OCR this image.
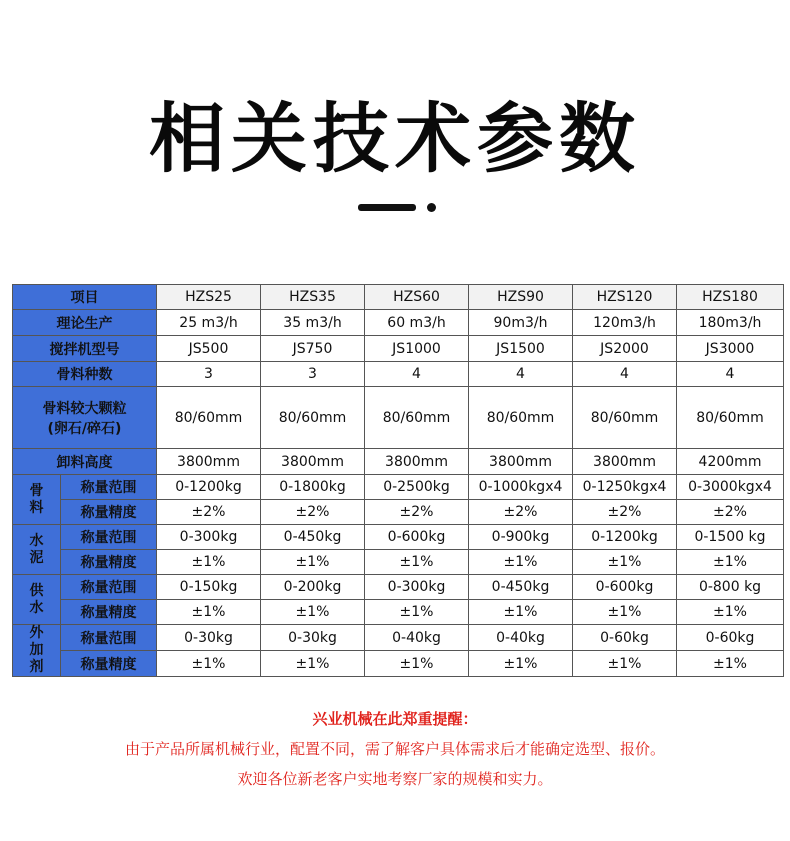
相关技术参数
项目		HZS25	HZS35	HZS60	HZS90	HZS120	HZS180

理论生产		25 m3/h	35 m3/h	60 m3/h	90m3/h	120m3/h	180m3/h

搅拌机型号		JS500	JS750	JS1000	JS1500	JS2000	JS3000

骨料种数		3	3	4	4	4	4

骨料较大颗粒
(卵石/碎石)		80/60mm	80/60mm	80/60mm	80/60mm	80/60mm	80/60mm

卸料高度		3800mm	3800mm	3800mm	3800mm	3800mm	4200mm

骨
料	称量范围	0-1200kg	0-1800kg	0-2500kg	0-1000kgx4	0-1250kgx4	0-3000kgx4
	称量精度	±2%	±2%	±2%	±2%	±2%	±2%

水
泥	称量范围	0-300kg	0-450kg	0-600kg	0-900kg	0-1200kg	0-1500 kg
	称量精度	±1%	±1%	±1%	±1%	±1%	±1%

供
水	称量范围	0-150kg	0-200kg	0-300kg	0-450kg	0-600kg	0-800 kg
	称量精度	±1%	±1%	±1%	±1%	±1%	±1%

外
加
剂	称量范围	0-30kg	0-30kg	0-40kg	0-40kg	0-60kg	0-60kg
	称量精度	±1%	±1%	±1%	±1%	±1%	±1%
兴业机械在此郑重提醒：
由于产品所属机械行业，配置不同，需了解客户具体需求后才能确定选型、报价。
欢迎各位新老客户实地考察厂家的规模和实力。
